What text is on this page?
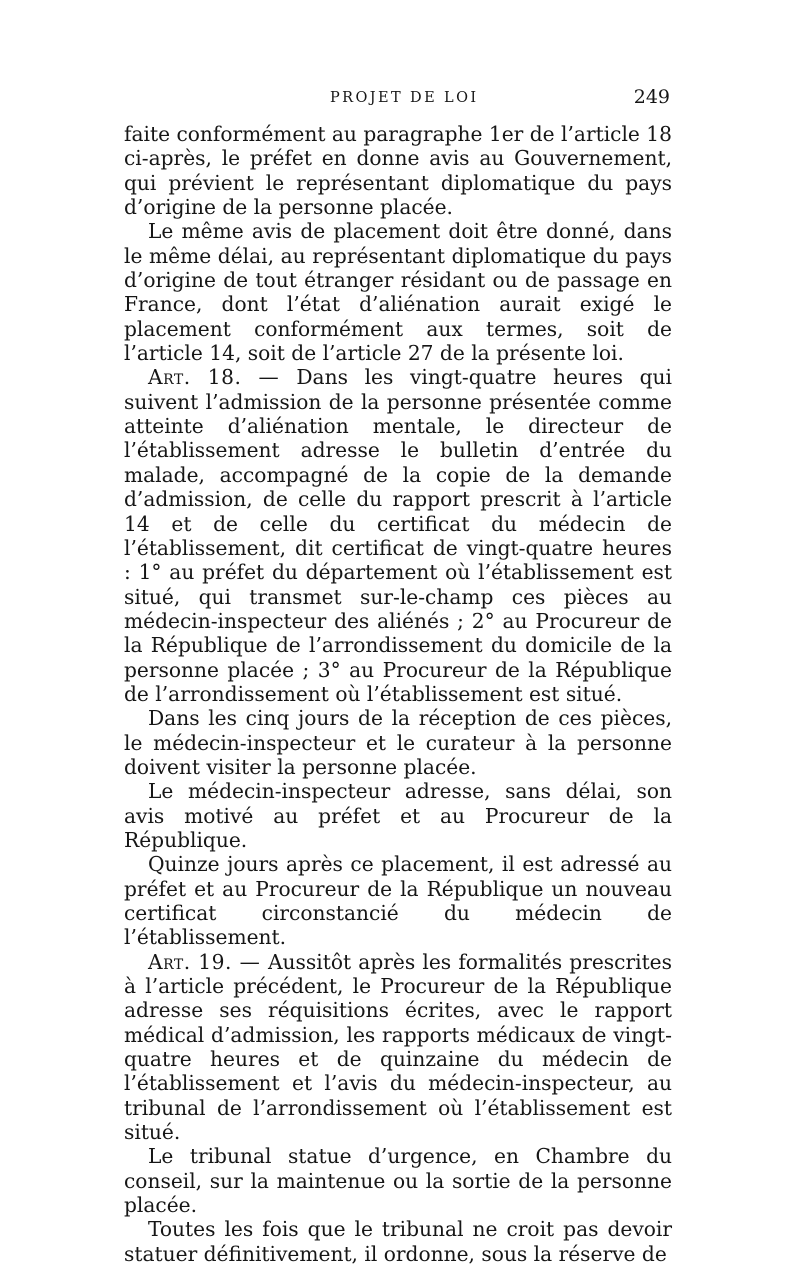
PROJET DE LOI	249

faite conformément au paragraphe 1er de l’article 18 ci-après, le préfet en donne avis au Gouvernement, qui prévient le représentant diplomatique du pays d’origine de la personne placée.

Le même avis de placement doit être donné, dans le même délai, au représentant diplomatique du pays d’origine de tout étranger résidant ou de passage en France, dont l’état d’aliénation aurait exigé le placement conformément aux termes, soit de l’article 14, soit de l’article 27 de la présente loi.

Art. 18. — Dans les vingt-quatre heures qui suivent l’admission de la personne présentée comme atteinte d’aliénation mentale, le directeur de l’établissement adresse le bulletin d’entrée du malade, accompagné de la copie de la demande d’admission, de celle du rapport prescrit à l’article 14 et de celle du certificat du médecin de l’établissement, dit certificat de vingt-quatre heures : 1° au préfet du département où l’établissement est situé, qui transmet sur-le-champ ces pièces au médecin-inspecteur des aliénés ; 2° au Procureur de la République de l’arrondissement du domicile de la personne placée ; 3° au Procureur de la République de l’arrondissement où l’établissement est situé.

Dans les cinq jours de la réception de ces pièces, le médecin-inspecteur et le curateur à la personne doivent visiter la personne placée.

Le médecin-inspecteur adresse, sans délai, son avis motivé au préfet et au Procureur de la République.

Quinze jours après ce placement, il est adressé au préfet et au Procureur de la République un nouveau certificat circonstancié du médecin de l’établissement.

Art. 19. — Aussitôt après les formalités prescrites à l’article précédent, le Procureur de la République adresse ses réquisitions écrites, avec le rapport médical d’admission, les rapports médicaux de vingt-quatre heures et de quinzaine du médecin de l’établissement et l’avis du médecin-inspecteur, au tribunal de l’arrondissement où l’établissement est situé.

Le tribunal statue d’urgence, en Chambre du conseil, sur la maintenue ou la sortie de la personne placée.

Toutes les fois que le tribunal ne croit pas devoir statuer définitivement, il ordonne, sous la réserve de
